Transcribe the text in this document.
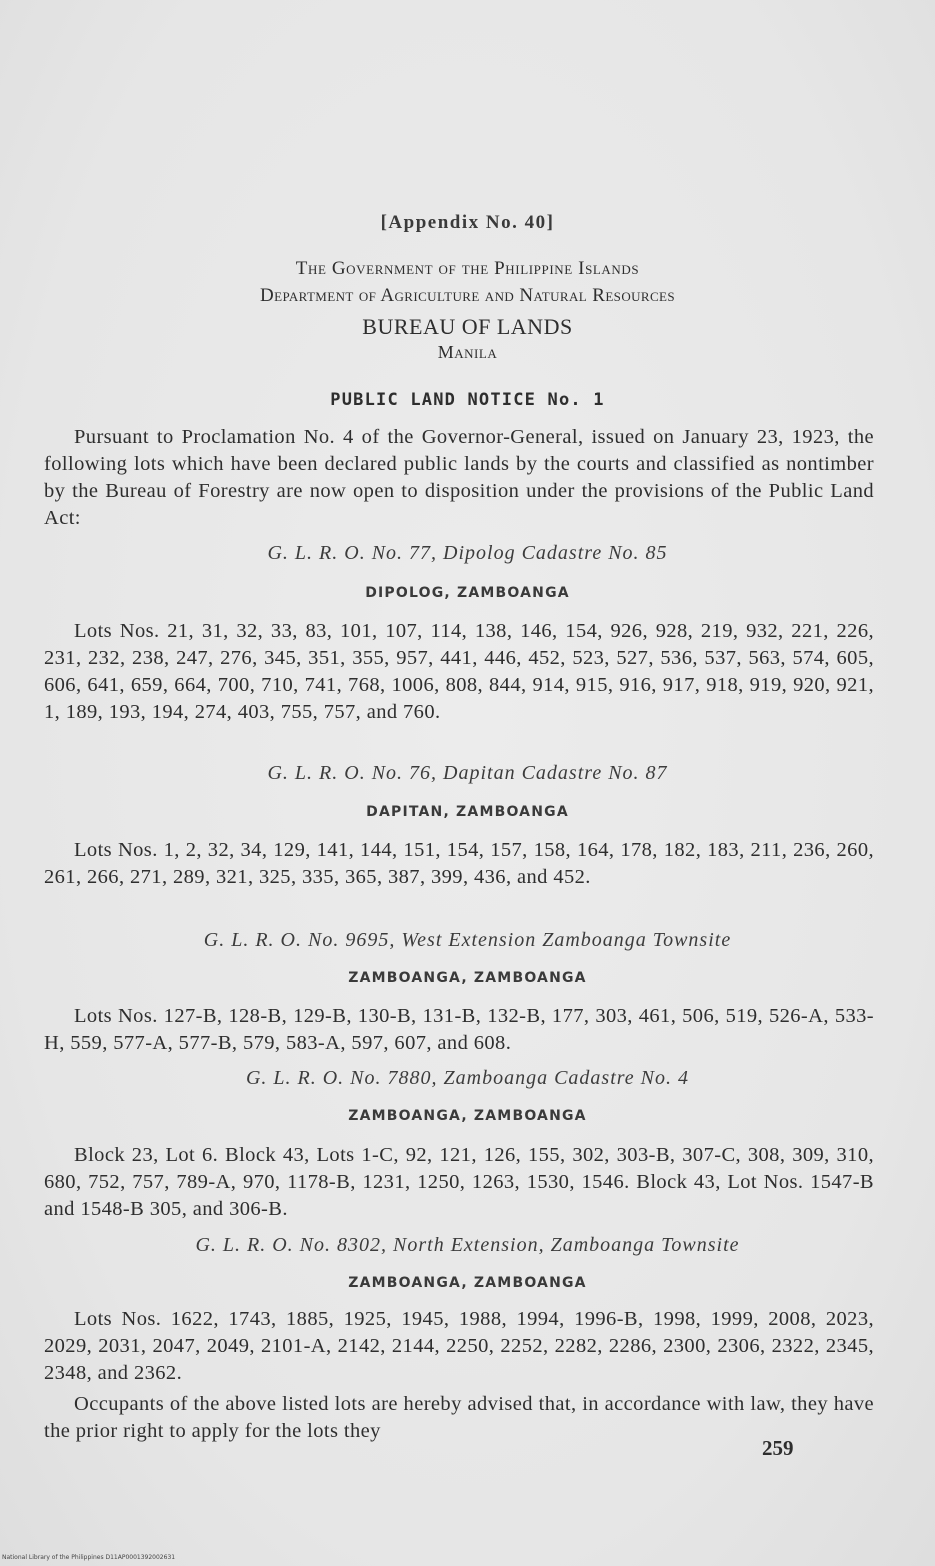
[Appendix No. 40]
The Government of the Philippine Islands
Department of Agriculture and Natural Resources
BUREAU OF LANDS
Manila
PUBLIC LAND NOTICE No. 1
Pursuant to Proclamation No. 4 of the Governor-General, issued on January 23, 1923, the following lots which have been declared public lands by the courts and classified as nontimber by the Bureau of Forestry are now open to disposition under the provisions of the Public Land Act:
G. L. R. O. No. 77, Dipolog Cadastre No. 85
DIPOLOG, ZAMBOANGA
Lots Nos. 21, 31, 32, 33, 83, 101, 107, 114, 138, 146, 154, 926, 928, 219, 932, 221, 226, 231, 232, 238, 247, 276, 345, 351, 355, 957, 441, 446, 452, 523, 527, 536, 537, 563, 574, 605, 606, 641, 659, 664, 700, 710, 741, 768, 1006, 808, 844, 914, 915, 916, 917, 918, 919, 920, 921, 1, 189, 193, 194, 274, 403, 755, 757, and 760.
G. L. R. O. No. 76, Dapitan Cadastre No. 87
DAPITAN, ZAMBOANGA
Lots Nos. 1, 2, 32, 34, 129, 141, 144, 151, 154, 157, 158, 164, 178, 182, 183, 211, 236, 260, 261, 266, 271, 289, 321, 325, 335, 365, 387, 399, 436, and 452.
G. L. R. O. No. 9695, West Extension Zamboanga Townsite
ZAMBOANGA, ZAMBOANGA
Lots Nos. 127-B, 128-B, 129-B, 130-B, 131-B, 132-B, 177, 303, 461, 506, 519, 526-A, 533-H, 559, 577-A, 577-B, 579, 583-A, 597, 607, and 608.
G. L. R. O. No. 7880, Zamboanga Cadastre No. 4
ZAMBOANGA, ZAMBOANGA
Block 23, Lot 6. Block 43, Lots 1-C, 92, 121, 126, 155, 302, 303-B, 307-C, 308, 309, 310, 680, 752, 757, 789-A, 970, 1178-B, 1231, 1250, 1263, 1530, 1546. Block 43, Lot Nos. 1547-B and 1548-B 305, and 306-B.
G. L. R. O. No. 8302, North Extension, Zamboanga Townsite
ZAMBOANGA, ZAMBOANGA
Lots Nos. 1622, 1743, 1885, 1925, 1945, 1988, 1994, 1996-B, 1998, 1999, 2008, 2023, 2029, 2031, 2047, 2049, 2101-A, 2142, 2144, 2250, 2252, 2282, 2286, 2300, 2306, 2322, 2345, 2348, and 2362.
Occupants of the above listed lots are hereby advised that, in accordance with law, they have the prior right to apply for the lots they
259
National Library of the Philippines D11AP0001392002631
